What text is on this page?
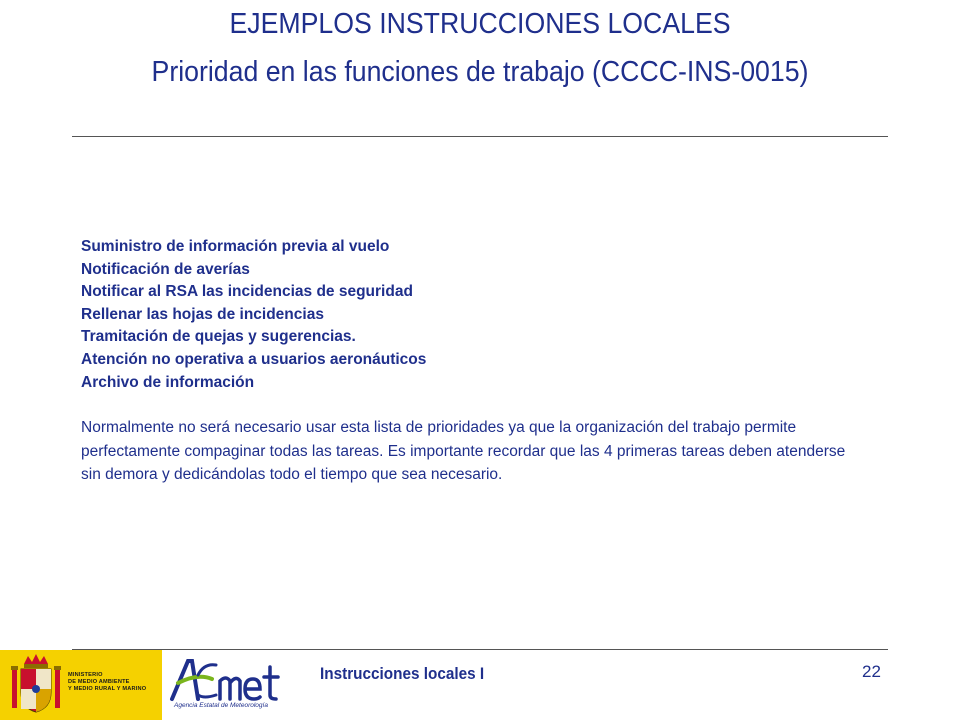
EJEMPLOS INSTRUCCIONES LOCALES
Prioridad en las funciones de trabajo (CCCC-INS-0015)
Suministro de información previa al vuelo
Notificación de averías
Notificar al RSA las incidencias de seguridad
Rellenar las hojas de incidencias
Tramitación de quejas y sugerencias.
Atención no operativa a usuarios aeronáuticos
Archivo de información

Normalmente no será necesario usar esta lista de prioridades ya que la organización del trabajo permite perfectamente compaginar todas las tareas. Es importante recordar que las 4 primeras tareas deben atenderse sin demora y dedicándolas todo el tiempo que sea necesario.

MINISTERIO
DE MEDIO AMBIENTE
Y MEDIO RURAL Y MARINO
Agencia Estatal de Meteorología
Instrucciones locales I	22
